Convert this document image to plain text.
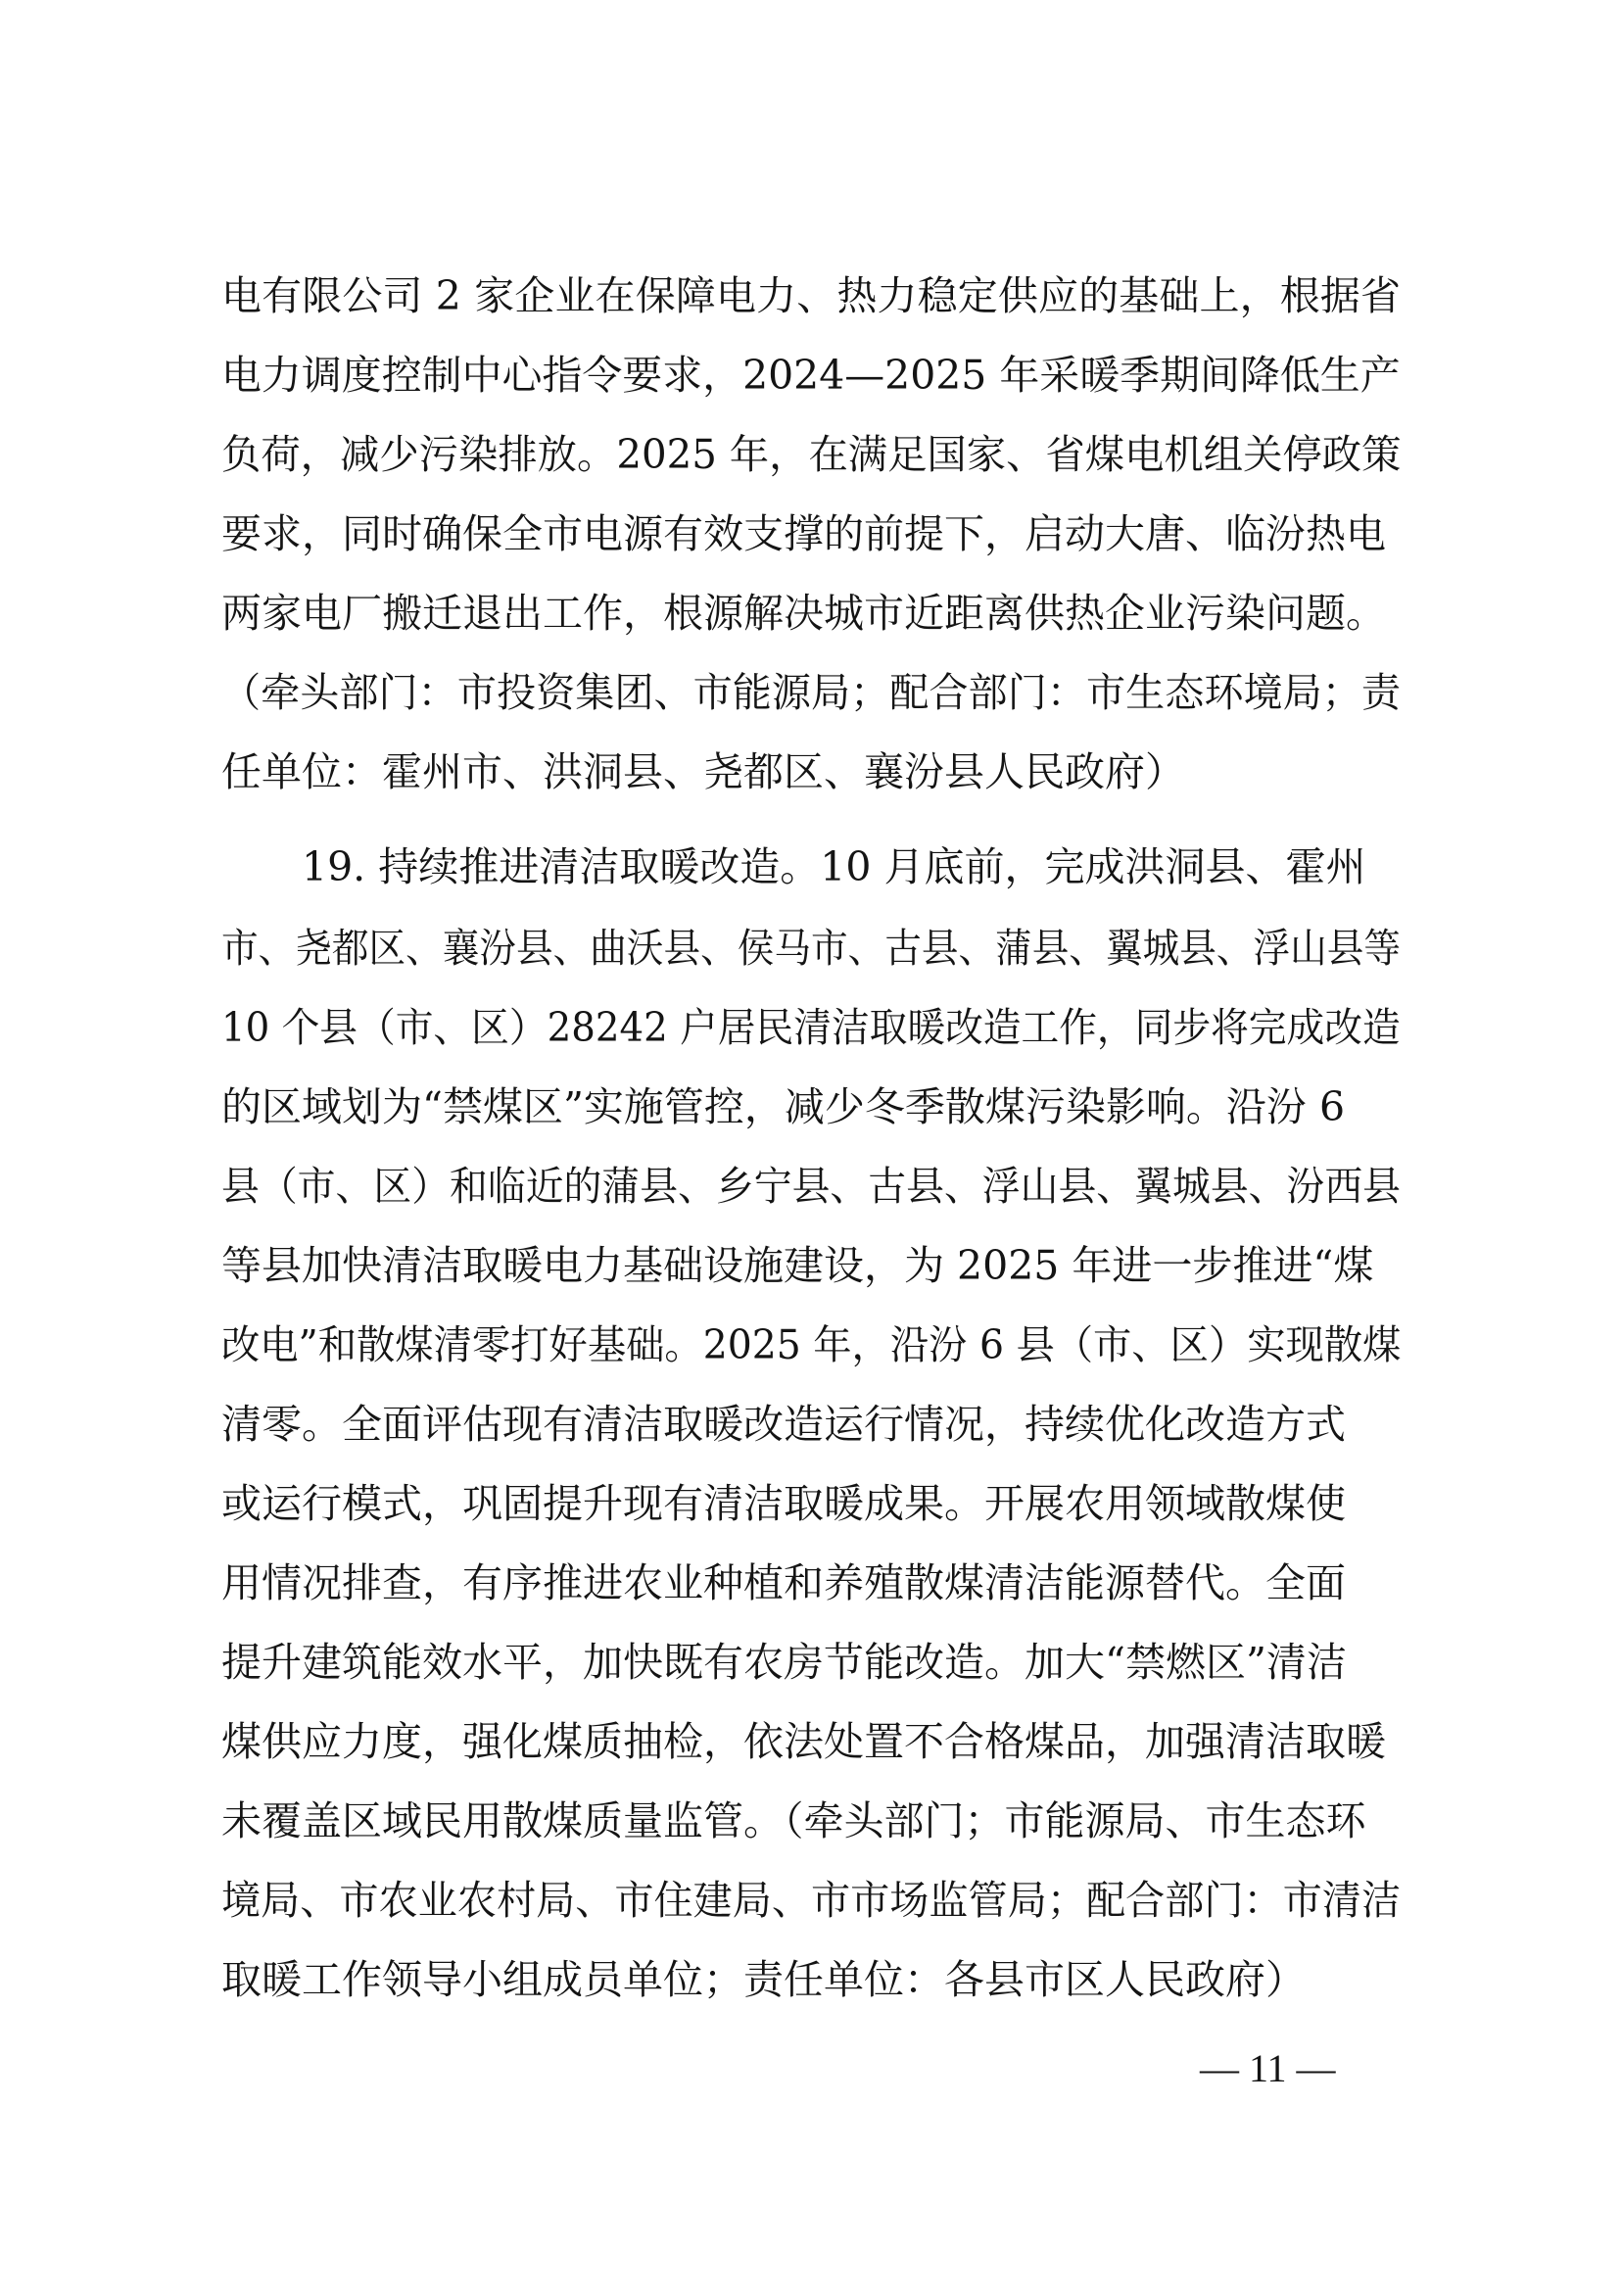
电有限公司 2 家企业在保障电力、热力稳定供应的基础上，根据省
电力调度控制中心指令要求，2024—2025 年采暖季期间降低生产
负荷，减少污染排放。2025 年，在满足国家、省煤电机组关停政策
要求，同时确保全市电源有效支撑的前提下，启动大唐、临汾热电
两家电厂搬迁退出工作，根源解决城市近距离供热企业污染问题。
（牵头部门：市投资集团、市能源局；配合部门：市生态环境局；责
任单位：霍州市、洪洞县、尧都区、襄汾县人民政府）
19. 持续推进清洁取暖改造。10 月底前，完成洪洞县、霍州
市、尧都区、襄汾县、曲沃县、侯马市、古县、蒲县、翼城县、浮山县等
10 个县（市、区）28242 户居民清洁取暖改造工作，同步将完成改造
的区域划为“禁煤区”实施管控，减少冬季散煤污染影响。沿汾 6
县（市、区）和临近的蒲县、乡宁县、古县、浮山县、翼城县、汾西县
等县加快清洁取暖电力基础设施建设，为 2025 年进一步推进“煤
改电”和散煤清零打好基础。2025 年，沿汾 6 县（市、区）实现散煤
清零。全面评估现有清洁取暖改造运行情况，持续优化改造方式
或运行模式，巩固提升现有清洁取暖成果。开展农用领域散煤使
用情况排查，有序推进农业种植和养殖散煤清洁能源替代。全面
提升建筑能效水平，加快既有农房节能改造。加大“禁燃区”清洁
煤供应力度，强化煤质抽检，依法处置不合格煤品，加强清洁取暖
未覆盖区域民用散煤质量监管。（牵头部门；市能源局、市生态环
境局、市农业农村局、市住建局、市市场监管局；配合部门：市清洁
取暖工作领导小组成员单位；责任单位：各县市区人民政府）
— 11 —
